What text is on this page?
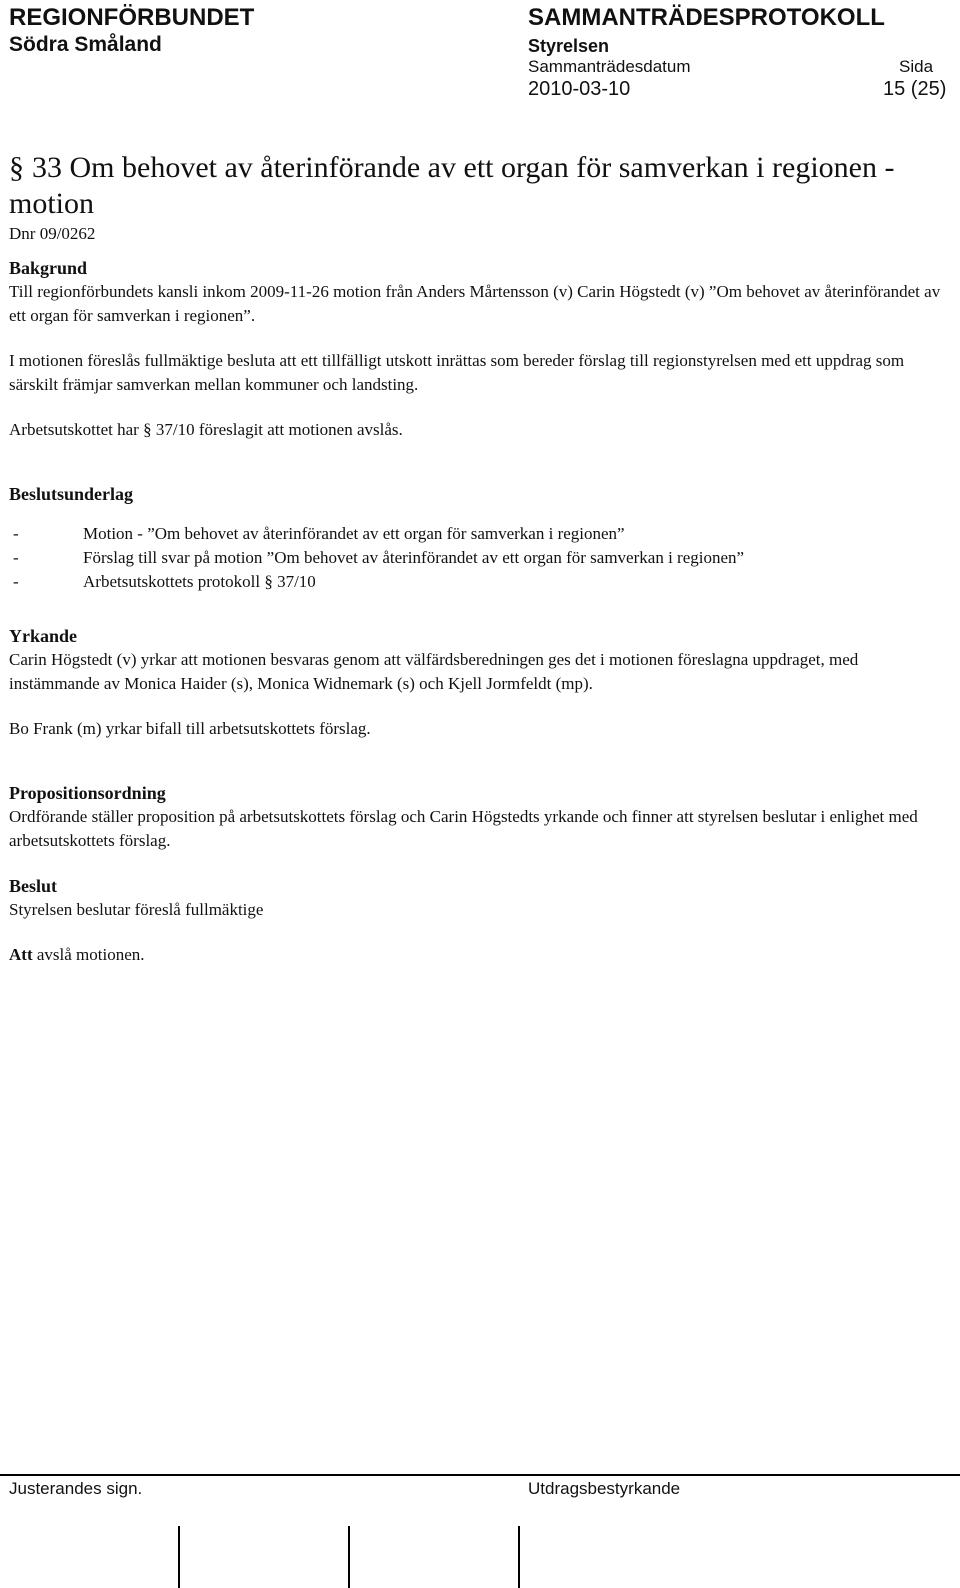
REGIONFÖRBUNDET
Södra Småland
SAMMANTRÄDESPROTOKOLL
Styrelsen
Sammanträdesdatum	Sida
2010-03-10	15 (25)
§ 33 Om behovet av återinförande av ett organ för samverkan i regionen - motion
Dnr 09/0262
Bakgrund

Till regionförbundets kansli inkom 2009-11-26 motion från Anders Mårtensson (v) Carin Högstedt (v) ”Om behovet av återinförandet av ett organ för samverkan i regionen”.

I motionen föreslås fullmäktige besluta att ett tillfälligt utskott inrättas som bereder förslag till regionstyrelsen med ett uppdrag som särskilt främjar samverkan mellan kommuner och landsting.

Arbetsutskottet har § 37/10 föreslagit att motionen avslås.

Beslutsunderlag
-	Motion - ”Om behovet av återinförandet av ett organ för samverkan i regionen”
-	Förslag till svar på motion ”Om behovet av återinförandet av ett organ för samverkan i regionen”
-	Arbetsutskottets protokoll § 37/10
Yrkande

Carin Högstedt (v) yrkar att motionen besvaras genom att välfärdsberedningen ges det i motionen föreslagna uppdraget, med instämmande av Monica Haider (s), Monica Widnemark (s) och Kjell Jormfeldt (mp).

Bo Frank (m) yrkar bifall till arbetsutskottets förslag.

Propositionsordning

Ordförande ställer proposition på arbetsutskottets förslag och Carin Högstedts yrkande och finner att styrelsen beslutar i enlighet med arbetsutskottets förslag.

Beslut

Styrelsen beslutar föreslå fullmäktige

Att avslå motionen.

Justerandes sign.	Utdragsbestyrkande
